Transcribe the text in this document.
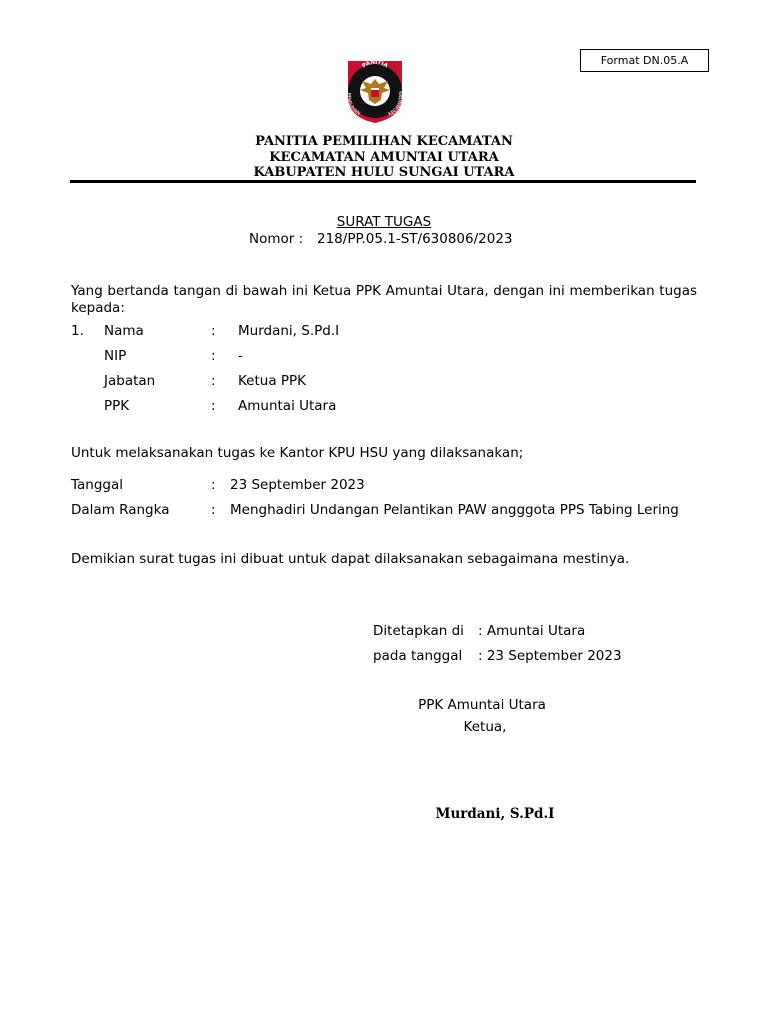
Format DN.05.A
PANITIA
PEMILIHAN	KECAMATAN
PANITIA PEMILIHAN KECAMATAN
KECAMATAN AMUNTAI UTARA
KABUPATEN HULU SUNGAI UTARA
SURAT TUGAS
Nomor : 218/PP.05.1-ST/630806/2023
Yang bertanda tangan di bawah ini Ketua PPK Amuntai Utara, dengan ini memberikan tugas kepada:
1. Nama	: Murdani, S.Pd.I
NIP	: -
Jabatan	: Ketua PPK
PPK	: Amuntai Utara
Untuk melaksanakan tugas ke Kantor KPU HSU yang dilaksanakan;
Tanggal	: 23 September 2023
Dalam Rangka	: Menghadiri Undangan Pelantikan PAW angggota PPS Tabing Lering
Demikian surat tugas ini dibuat untuk dapat dilaksanakan sebagaimana mestinya.
Ditetapkan di : Amuntai Utara
pada tanggal : 23 September 2023
PPK Amuntai Utara
Ketua,
Murdani, S.Pd.I
